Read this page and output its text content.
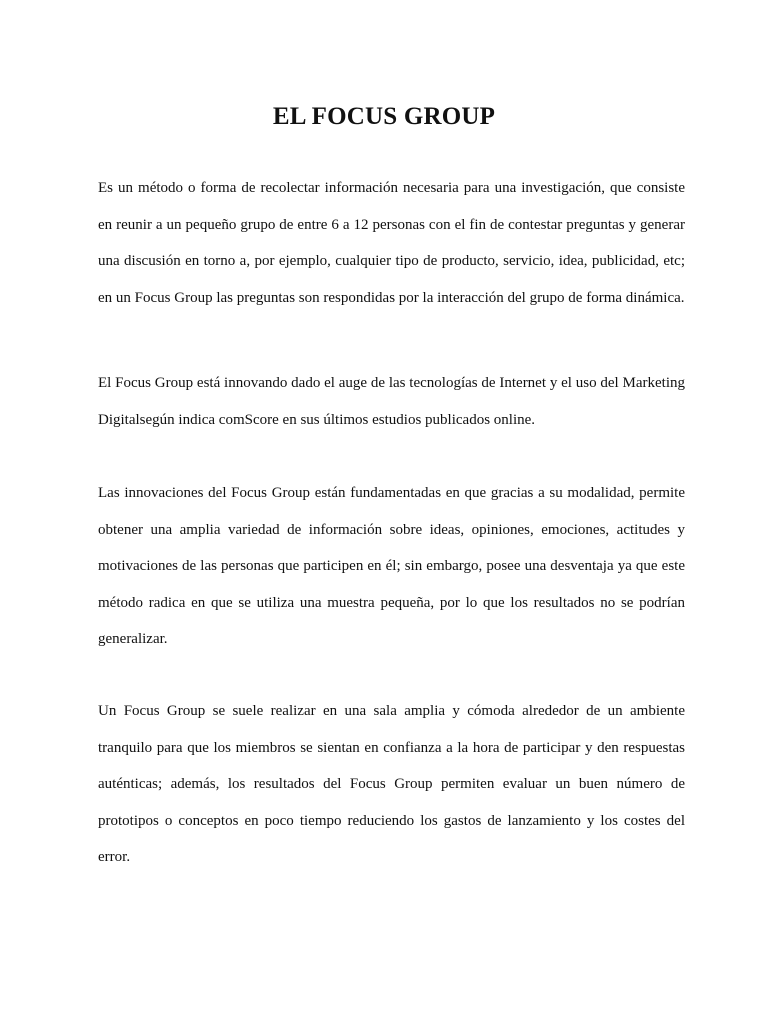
EL FOCUS GROUP

Es un método o forma de recolectar información necesaria para una investigación, que consiste en reunir a un pequeño grupo de entre 6 a 12 personas con el fin de contestar preguntas y generar una discusión en torno a, por ejemplo, cualquier tipo de producto, servicio, idea, publicidad, etc; en un Focus Group las preguntas son respondidas por la interacción del grupo de forma dinámica.

El Focus Group está innovando dado el auge de las tecnologías de Internet y el uso del Marketing Digitalsegún indica comScore en sus últimos estudios publicados online.

Las innovaciones del Focus Group están fundamentadas en que gracias a su modalidad, permite obtener una amplia variedad de información sobre ideas, opiniones, emociones, actitudes y motivaciones de las personas que participen en él; sin embargo, posee una desventaja ya que este método radica en que se utiliza una muestra pequeña, por lo que los resultados no se podrían generalizar.

Un Focus Group se suele realizar en una sala amplia y cómoda alrededor de un ambiente tranquilo para que los miembros se sientan en confianza a la hora de participar y den respuestas auténticas; además, los resultados del Focus Group permiten evaluar un buen número de prototipos o conceptos en poco tiempo reduciendo los gastos de lanzamiento y los costes del error.
